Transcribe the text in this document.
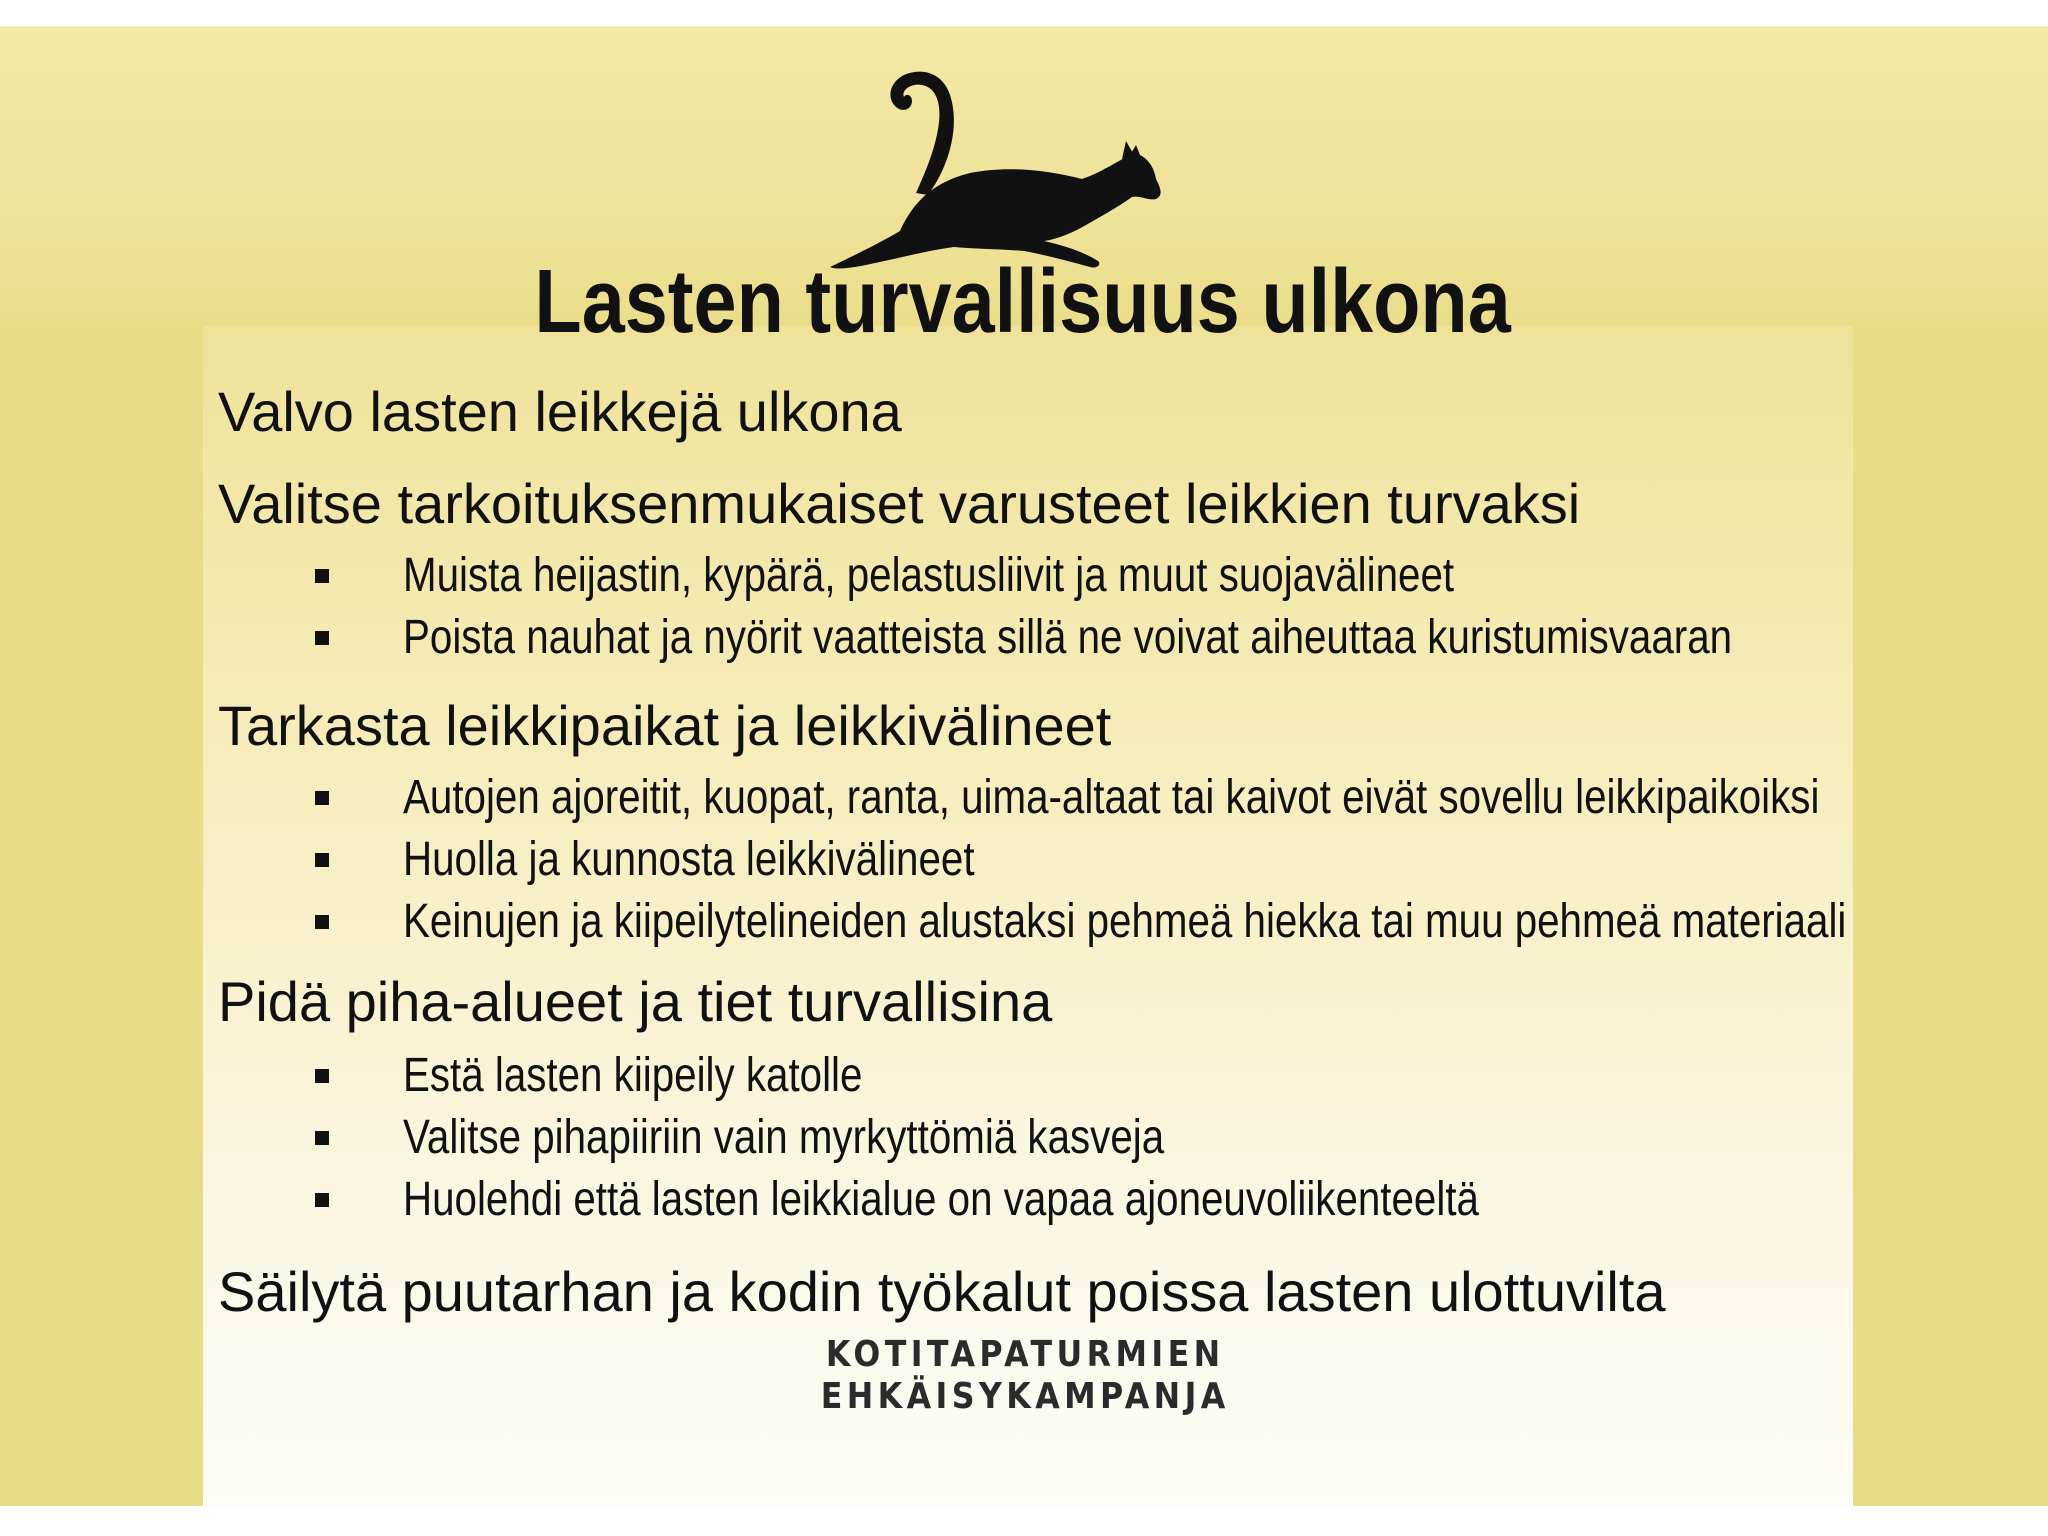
Lasten turvallisuus ulkona

Valvo lasten leikkejä ulkona

Valitse tarkoituksenmukaiset varusteet leikkien turvaksi

Muista heijastin, kypärä, pelastusliivit ja muut suojavälineet
Poista nauhat ja nyörit vaatteista sillä ne voivat aiheuttaa kuristumisvaaran

Tarkasta leikkipaikat ja leikkivälineet

Autojen ajoreitit, kuopat, ranta, uima-altaat tai kaivot eivät sovellu leikkipaikoiksi
Huolla ja kunnosta leikkivälineet
Keinujen ja kiipeilytelineiden alustaksi pehmeä hiekka tai muu pehmeä materiaali

Pidä piha-alueet ja tiet turvallisina

Estä lasten kiipeily katolle
Valitse pihapiiriin vain myrkyttömiä kasveja
Huolehdi että lasten leikkialue on vapaa ajoneuvoliikenteeltä

Säilytä puutarhan ja kodin työkalut poissa lasten ulottuvilta

KOTITAPATURMIEN
EHKÄISYKAMPANJA
